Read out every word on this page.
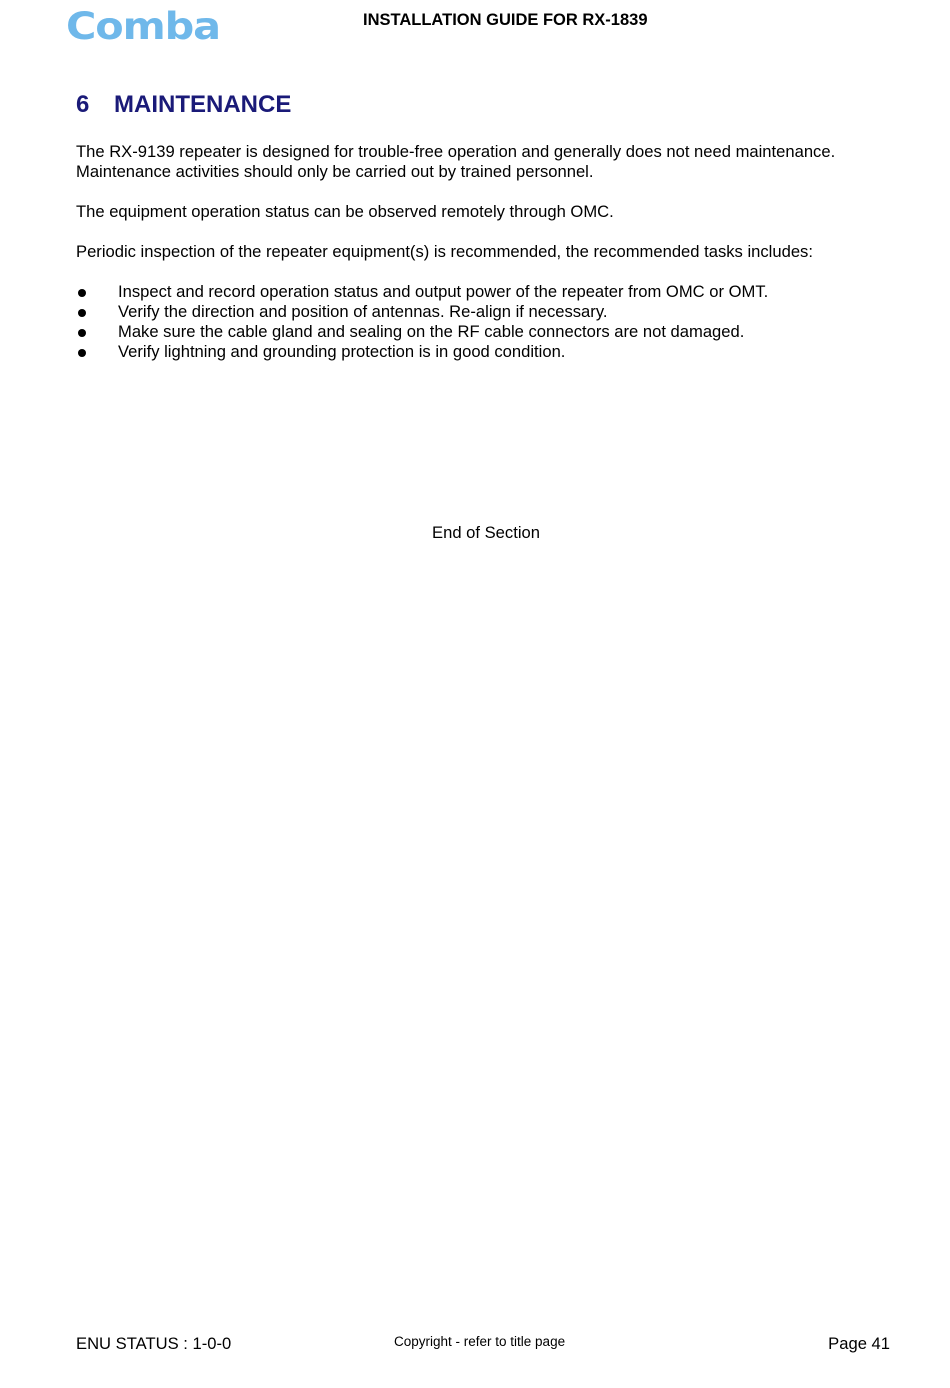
Comba	INSTALLATION GUIDE FOR RX-1839
6 MAINTENANCE

The RX-9139 repeater is designed for trouble-free operation and generally does not need maintenance. Maintenance activities should only be carried out by trained personnel.

The equipment operation status can be observed remotely through OMC.

Periodic inspection of the repeater equipment(s) is recommended, the recommended tasks includes:

Inspect and record operation status and output power of the repeater from OMC or OMT.
Verify the direction and position of antennas. Re-align if necessary.
Make sure the cable gland and sealing on the RF cable connectors are not damaged.
Verify lightning and grounding protection is in good condition.
End of Section
ENU STATUS : 1-0-0	Copyright - refer to title page	Page 41
